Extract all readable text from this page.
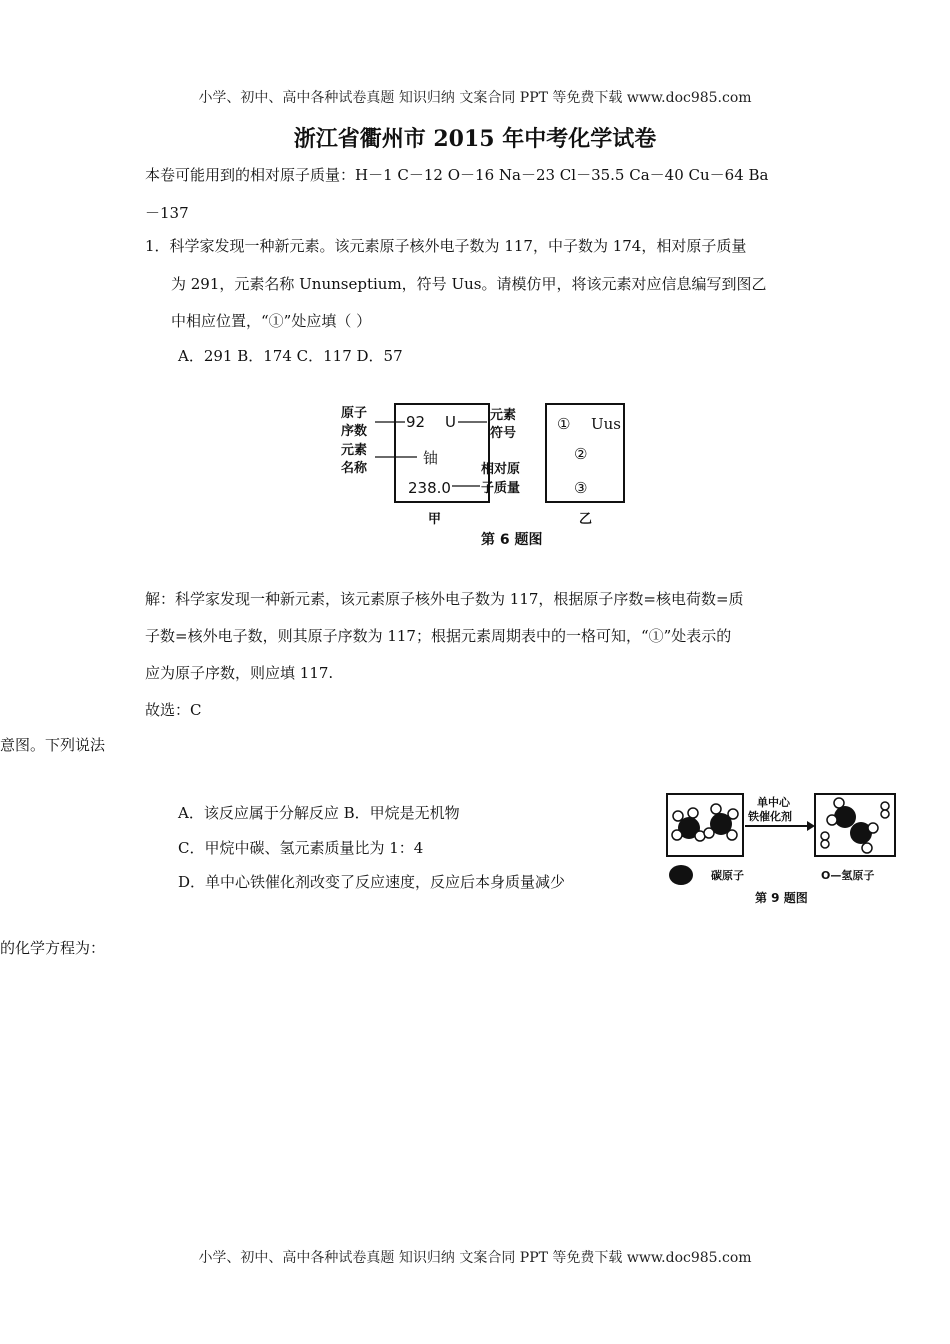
小学、初中、高中各种试卷真题 知识归纳 文案合同 PPT 等免费下载 www.doc985.com
浙江省衢州市 2015 年中考化学试卷
本卷可能用到的相对原子质量：H－1 C－12 O－16 Na－23 Cl－35.5 Ca－40 Cu－64 Ba
－137
1．科学家发现一种新元素。该元素原子核外电子数为 117，中子数为 174，相对原子质量
为 291，元素名称 Ununseptium，符号 Uus。请模仿甲，将该元素对应信息编写到图乙
中相应位置，“①”处应填（ ）
A．291 B．174 C．117 D．57
原子
序数
元素
名称
元素
符号
相对原
子质量
92 U
铀
238.0
① Uus
②
③
甲	乙
第 6 题图
解：科学家发现一种新元素，该元素原子核外电子数为 117，根据原子序数=核电荷数=质
子数=核外电子数，则其原子序数为 117；根据元素周期表中的一格可知，“①”处表示的
应为原子序数，则应填 117.
故选：C
意图。下列说法
A．该反应属于分解反应 B．甲烷是无机物
C．甲烷中碳、氢元素质量比为 1：4
D．单中心铁催化剂改变了反应速度，反应后本身质量减少
单中心
铁催化剂
碳原子	O—氢原子
第 9 题图
的化学方程为：
小学、初中、高中各种试卷真题 知识归纳 文案合同 PPT 等免费下载 www.doc985.com
